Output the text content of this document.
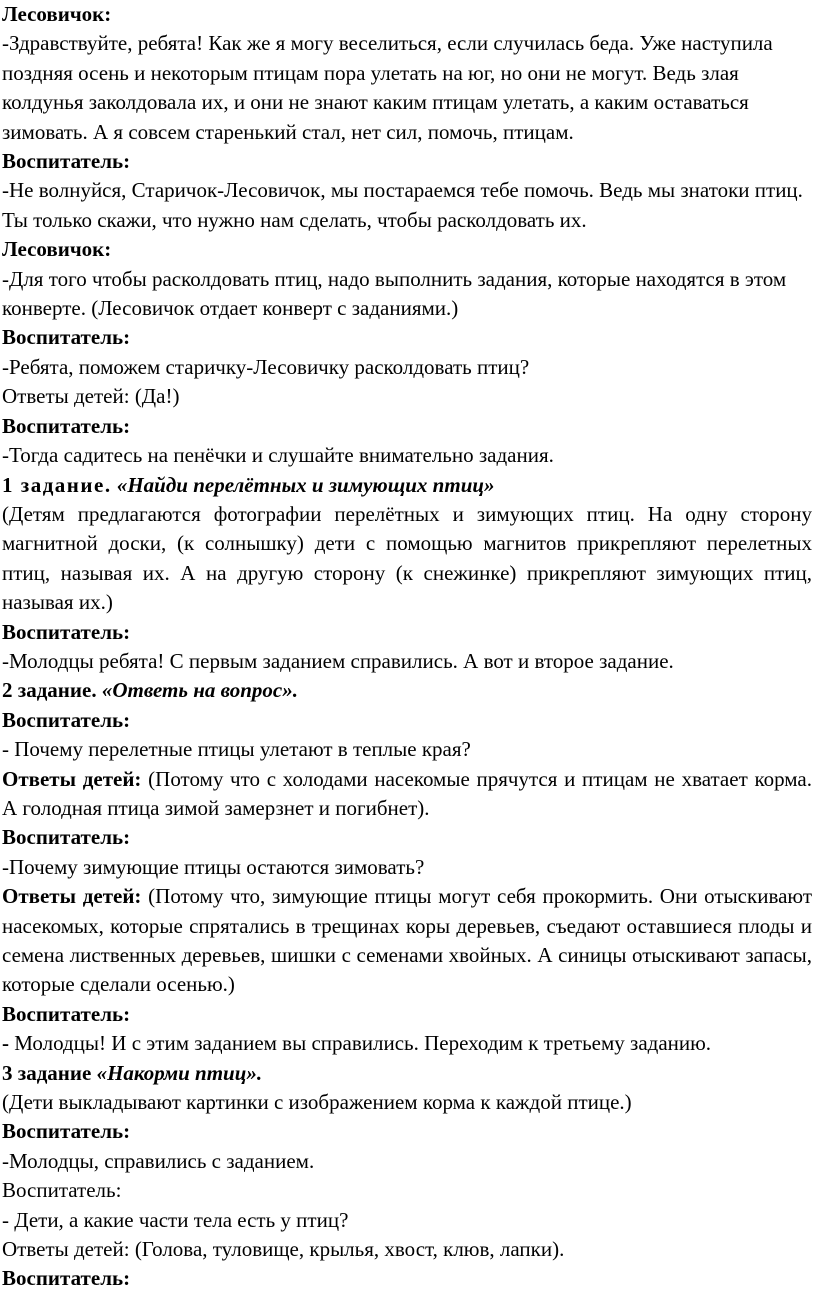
Лесовичок:

-Здравствуйте, ребята! Как же я могу веселиться, если случилась беда. Уже наступила поздняя осень и некоторым птицам пора улетать на юг, но они не могут. Ведь злая колдунья заколдовала их, и они не знают каким птицам улетать, а каким оставаться зимовать. А я совсем старенький стал, нет сил, помочь, птицам.

Воспитатель:

-Не волнуйся, Старичок-Лесовичок, мы постараемся тебе помочь. Ведь мы знатоки птиц. Ты только скажи, что нужно нам сделать, чтобы расколдовать их.

Лесовичок:

-Для того чтобы расколдовать птиц, надо выполнить задания, которые находятся в этом конверте. (Лесовичок отдает конверт с заданиями.)

Воспитатель:

-Ребята, поможем старичку-Лесовичку расколдовать птиц?

Ответы детей: (Да!)

Воспитатель:

-Тогда садитесь на пенёчки и слушайте внимательно задания.

1 задание. «Найди перелётных и зимующих птиц»

(Детям предлагаются фотографии перелётных и зимующих птиц. На одну сторону магнитной доски, (к солнышку) дети с помощью магнитов прикрепляют перелетных птиц, называя их. А на другую сторону (к снежинке) прикрепляют зимующих птиц, называя их.)

Воспитатель:

-Молодцы ребята! С первым заданием справились. А вот и второе задание.

2 задание. «Ответь на вопрос».

Воспитатель:

- Почему перелетные птицы улетают в теплые края?

Ответы детей: (Потому что с холодами насекомые прячутся и птицам не хватает корма. А голодная птица зимой замерзнет и погибнет).

Воспитатель:

-Почему зимующие птицы остаются зимовать?

Ответы детей: (Потому что, зимующие птицы могут себя прокормить. Они отыскивают насекомых, которые спрятались в трещинах коры деревьев, съедают оставшиеся плоды и семена лиственных деревьев, шишки с семенами хвойных. А синицы отыскивают запасы, которые сделали осенью.)

Воспитатель:

- Молодцы! И с этим заданием вы справились. Переходим к третьему заданию.

3 задание «Накорми птиц».

(Дети выкладывают картинки с изображением корма к каждой птице.)

Воспитатель:

-Молодцы, справились с заданием.

Воспитатель:

- Дети, а какие части тела есть у птиц?

Ответы детей: (Голова, туловище, крылья, хвост, клюв, лапки).

Воспитатель:
